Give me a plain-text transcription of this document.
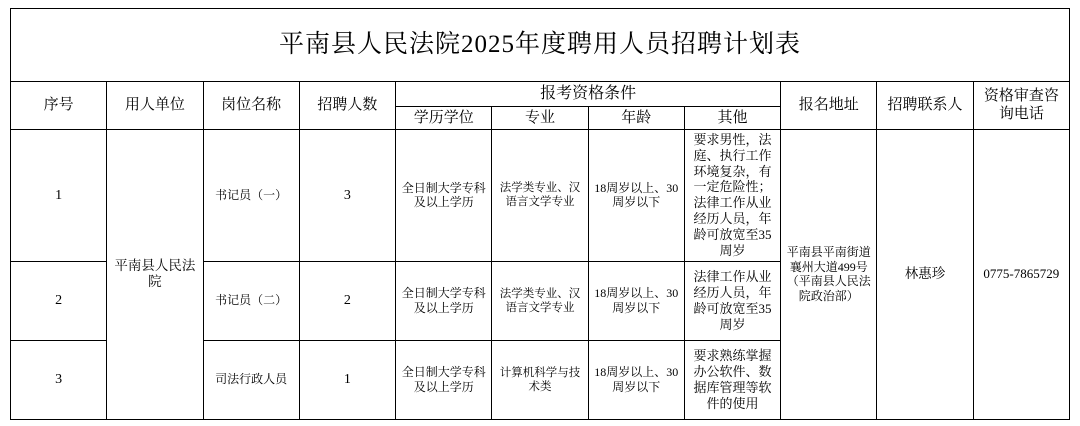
平南县人民法院2025年度聘用人员招聘计划表										
序号	用人单位	岗位名称	招聘人数	报考资格条件				报名地址	招聘联系人	资格审查咨询电话
				学历学位	专业	年龄	其他			
1	平南县人民法院	书记员（一）	3	全日制大学专科及以上学历	法学类专业、汉语言文学专业	18周岁以上、30周岁以下	要求男性，法庭、执行工作环境复杂，有一定危险性；法律工作从业经历人员，年龄可放宽至35周岁	平南县平南街道襄州大道499号（平南县人民法院政治部）	林惠珍	0775-7865729
2		书记员（二）	2	全日制大学专科及以上学历	法学类专业、汉语言文学专业	18周岁以上、30周岁以下	法律工作从业经历人员，年龄可放宽至35周岁			
3		司法行政人员	1	全日制大学专科及以上学历	计算机科学与技术类	18周岁以上、30周岁以下	要求熟练掌握办公软件、数据库管理等软件的使用			
